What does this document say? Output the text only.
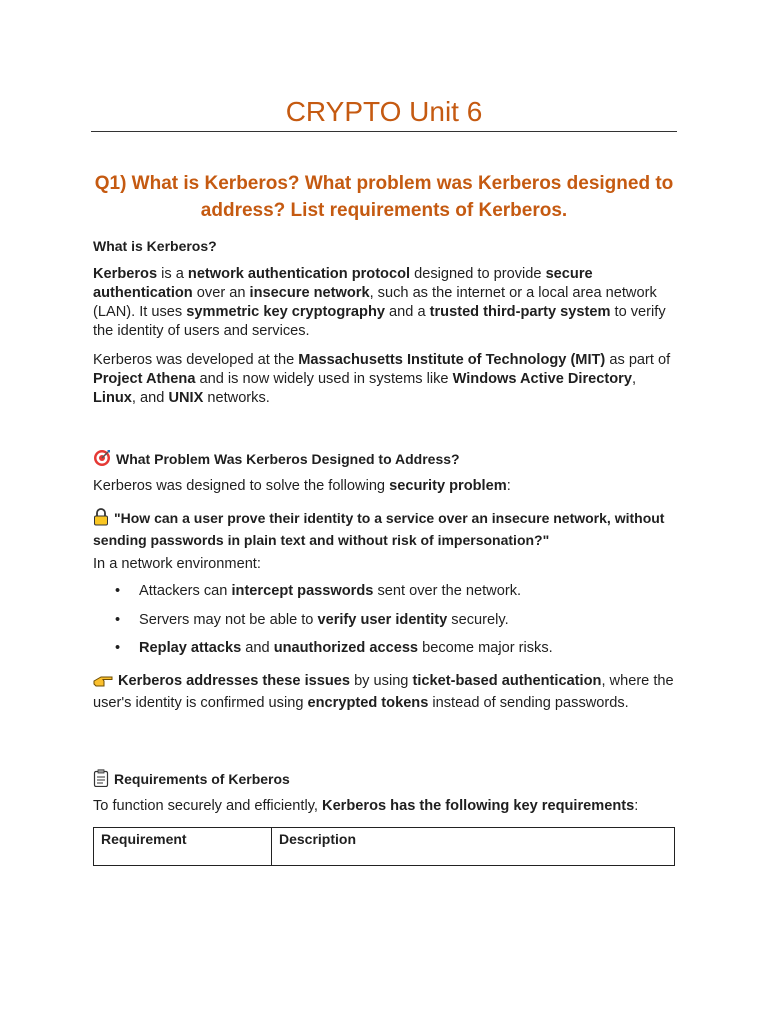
CRYPTO Unit 6
Q1) What is Kerberos? What problem was Kerberos designed to address? List requirements of Kerberos.

What is Kerberos?

Kerberos is a network authentication protocol designed to provide secure authentication over an insecure network, such as the internet or a local area network (LAN). It uses symmetric key cryptography and a trusted third-party system to verify the identity of users and services.

Kerberos was developed at the Massachusetts Institute of Technology (MIT) as part of Project Athena and is now widely used in systems like Windows Active Directory, Linux, and UNIX networks.

What Problem Was Kerberos Designed to Address?

Kerberos was designed to solve the following security problem:

"How can a user prove their identity to a service over an insecure network, without sending passwords in plain text and without risk of impersonation?"

In a network environment:

• Attackers can intercept passwords sent over the network.
• Servers may not be able to verify user identity securely.
• Replay attacks and unauthorized access become major risks.

Kerberos addresses these issues by using ticket-based authentication, where the user's identity is confirmed using encrypted tokens instead of sending passwords.

Requirements of Kerberos

To function securely and efficiently, Kerberos has the following key requirements:

Requirement	Description
